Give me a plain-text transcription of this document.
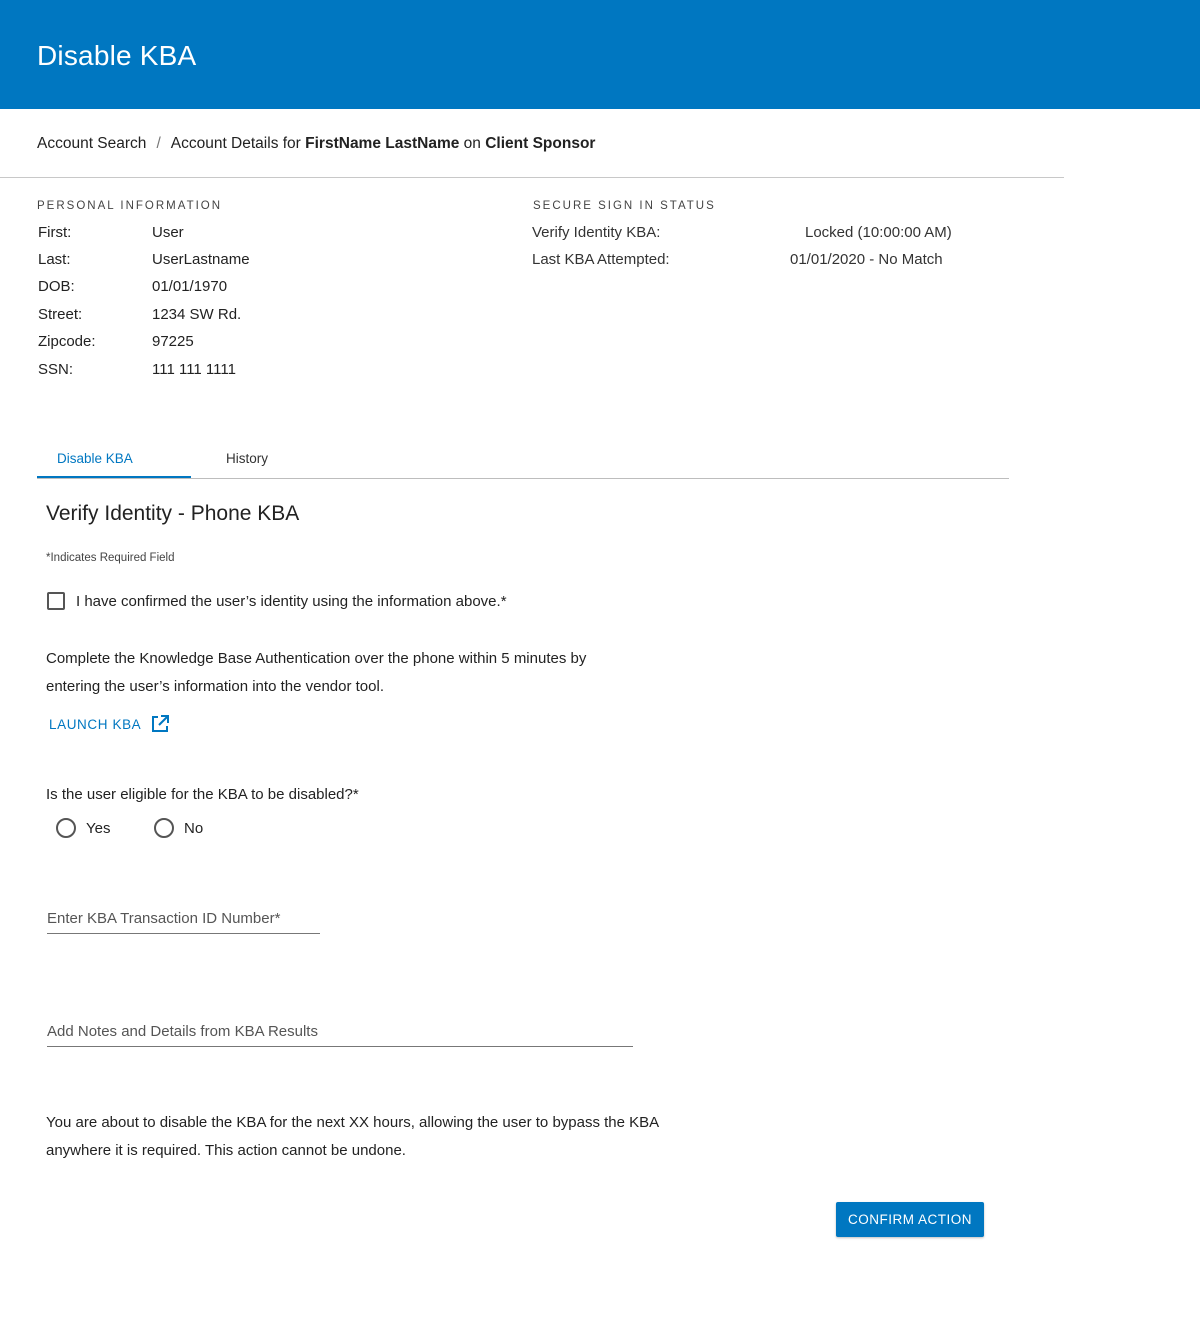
Disable KBA
Account Search / Account Details for FirstName LastName on Client Sponsor
PERSONAL INFORMATION
First:	User
Last:	UserLastname
DOB:	01/01/1970
Street:	1234 SW Rd.
Zipcode:	97225
SSN:	111 111 1111
SECURE SIGN IN STATUS
Verify Identity KBA:	Locked (10:00:00 AM)
Last KBA Attempted:	01/01/2020 - No Match
Disable KBA	History
Verify Identity - Phone KBA
*Indicates Required Field
I have confirmed the user’s identity using the information above.*
Complete the Knowledge Base Authentication over the phone within 5 minutes by
entering the user’s information into the vendor tool.
LAUNCH KBA
Is the user eligible for the KBA to be disabled?*
Yes	No
Enter KBA Transaction ID Number*
Add Notes and Details from KBA Results
You are about to disable the KBA for the next XX hours, allowing the user to bypass the KBA
anywhere it is required. This action cannot be undone.
CONFIRM ACTION
